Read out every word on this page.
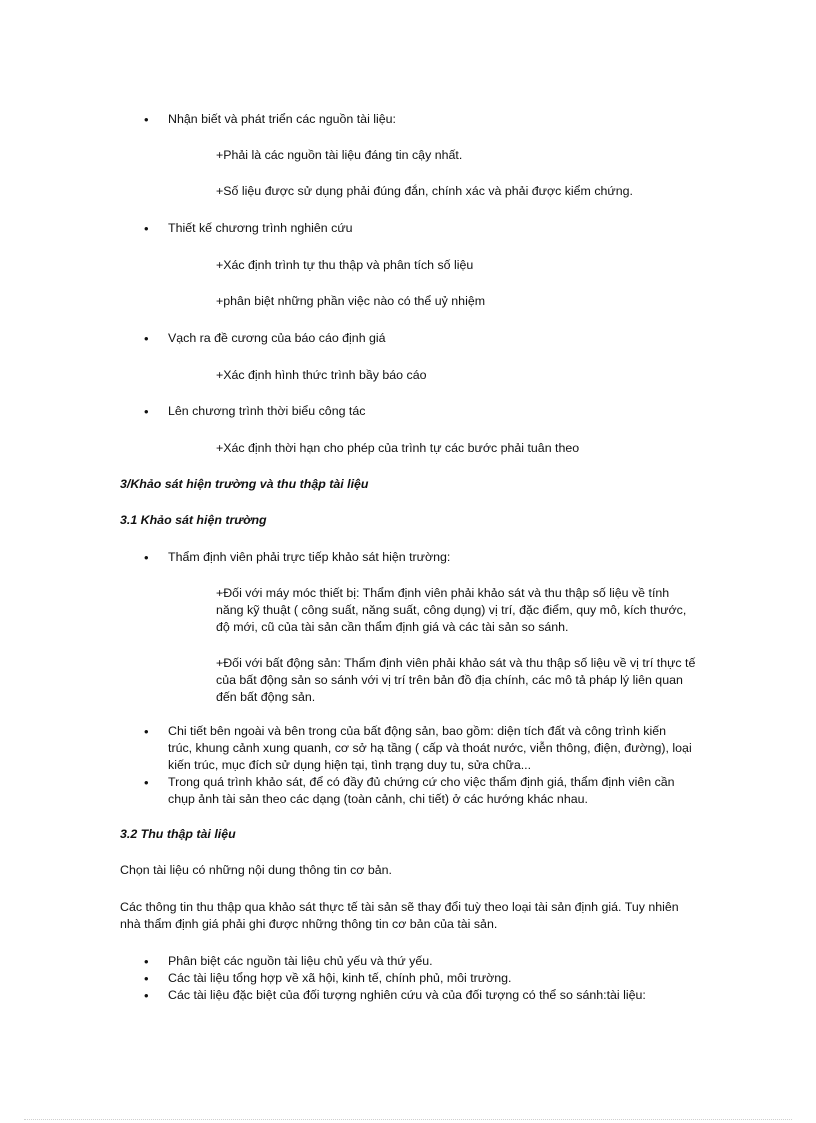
• Nhận biết và phát triển các nguồn tài liệu:
+Phải là các nguồn tài liệu đáng tin cậy nhất.
+Số liệu được sử dụng phải đúng đắn, chính xác và phải được kiểm chứng.
• Thiết kế chương trình nghiên cứu
+Xác định trình tự thu thập và phân tích số liệu
+phân biệt những phần việc nào có thể uỷ nhiệm
• Vạch ra đề cương của báo cáo định giá
+Xác định hình thức trình bầy báo cáo
• Lên chương trình thời biểu công tác
+Xác định thời hạn cho phép của trình tự các bước phải tuân theo
3/Khảo sát hiện trường và thu thập tài liệu
3.1 Khảo sát hiện trường
• Thẩm định viên phải trực tiếp khảo sát hiện trường:
+Đối với máy móc thiết bị: Thẩm định viên phải khảo sát và thu thập số liệu về tính năng kỹ thuật ( công suất, năng suất, công dụng) vị trí, đặc điểm, quy mô, kích thước, độ mới, cũ của tài sản cần thẩm định giá và các tài sản so sánh.
+Đối với bất động sản: Thẩm định viên phải khảo sát và thu thập số liệu về vị trí thực tế của bất động sản so sánh với vị trí trên bản đồ địa chính, các mô tả pháp lý liên quan đến bất động sản.
• Chi tiết bên ngoài và bên trong của bất động sản, bao gồm: diện tích đất và công trình kiến trúc, khung cảnh xung quanh, cơ sở hạ tầng ( cấp và thoát nước, viễn thông, điện, đường), loại kiến trúc, mục đích sử dụng hiện tại, tình trạng duy tu, sửa chữa...
• Trong quá trình khảo sát, để có đầy đủ chứng cứ cho việc thẩm định giá, thẩm định viên cần chụp ảnh tài sản theo các dạng (toàn cảnh, chi tiết) ở các hướng khác nhau.
3.2 Thu thập tài liệu
Chọn tài liệu có những nội dung thông tin cơ bản.
Các thông tin thu thập qua khảo sát thực tế tài sản sẽ thay đổi tuỳ theo loại tài sản định giá. Tuy nhiên nhà thẩm định giá phải ghi được những thông tin cơ bản của tài sản.
• Phân biệt các nguồn tài liệu chủ yếu và thứ yếu.
• Các tài liệu tổng hợp về xã hội, kinh tế, chính phủ, môi trường.
• Các tài liệu đặc biệt của đối tượng nghiên cứu và của đối tượng có thể so sánh:tài liệu:
